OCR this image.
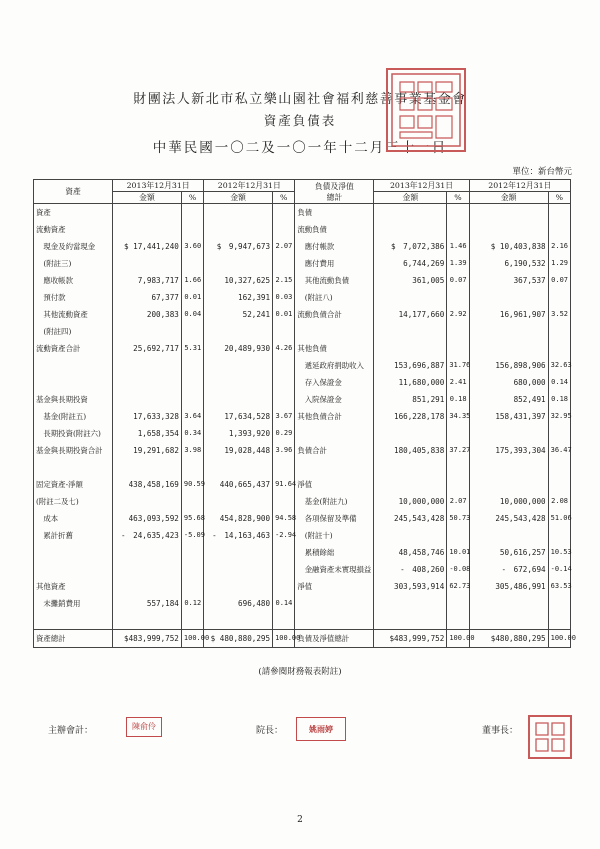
財團法人新北市私立樂山園社會福利慈善事業基金會
資產負債表
中華民國一〇二及一〇一年十二月三十一日
單位：新台幣元
資產	2013年12月31日		2012年12月31日		負債及淨值
總計	2013年12月31日		2012年12月31日	
	金額	%	金額	%		金額	%	金額	%
資產					負債				
流動資產					流動負債				
　現金及約當現金	$ 17,441,240	3.60	$　9,947,673	2.07	　應付帳款	$　7,072,386	1.46	$ 10,403,838	2.16
　(附註三)					　應付費用	6,744,269	1.39	6,190,532	1.29
　應收帳款	7,983,717	1.66	10,327,625	2.15	　其他流動負債	361,005	0.07	367,537	0.07
　預付款	67,377	0.01	162,391	0.03	　(附註八)				
　其他流動資產	200,383	0.04	52,241	0.01	流動負債合計	14,177,660	2.92	16,961,907	3.52
　(附註四)									
流動資產合計	25,692,717	5.31	20,489,930	4.26	其他負債				
					　遞延政府捐助收入	153,696,887	31.76	156,898,906	32.63
					　存入保證金	11,680,000	2.41	680,000	0.14
基金與長期投資					　入院保證金	851,291	0.18	852,491	0.18
　基金(附註五)	17,633,328	3.64	17,634,528	3.67	其他負債合計	166,228,178	34.35	158,431,397	32.95
　長期投資(附註六)	1,658,354	0.34	1,393,920	0.29					
基金與長期投資合計	19,291,682	3.98	19,028,448	3.96	負債合計	180,405,838	37.27	175,393,304	36.47

固定資產-淨額	438,458,169	90.59	440,665,437	91.64	淨值				
(附註二及七)					　基金(附註九)	10,000,000	2.07	10,000,000	2.08
　成本	463,093,592	95.68	454,828,900	94.58	　各項保留及準備	245,543,428	50.73	245,543,428	51.06
　累計折舊	-　24,635,423	-5.09	-　14,163,463	-2.94	　(附註十)				
					　累積餘絀	48,458,746	10.01	50,616,257	10.53
					　金融資產未實現損益	-　408,260	-0.08	-　672,694	-0.14
其他資產					淨值	303,593,914	62.73	305,486,991	63.53
　未攤銷費用	557,184	0.12	696,480	0.14					

資產總計	$483,999,752	100.00	$ 480,880,295	100.00	負債及淨值總計	$483,999,752	100.00	$480,880,295	100.00
(請參閱財務報表附註)
主辦會計：	陳俞伶	院長：	姚雨婷	董事長：
2
